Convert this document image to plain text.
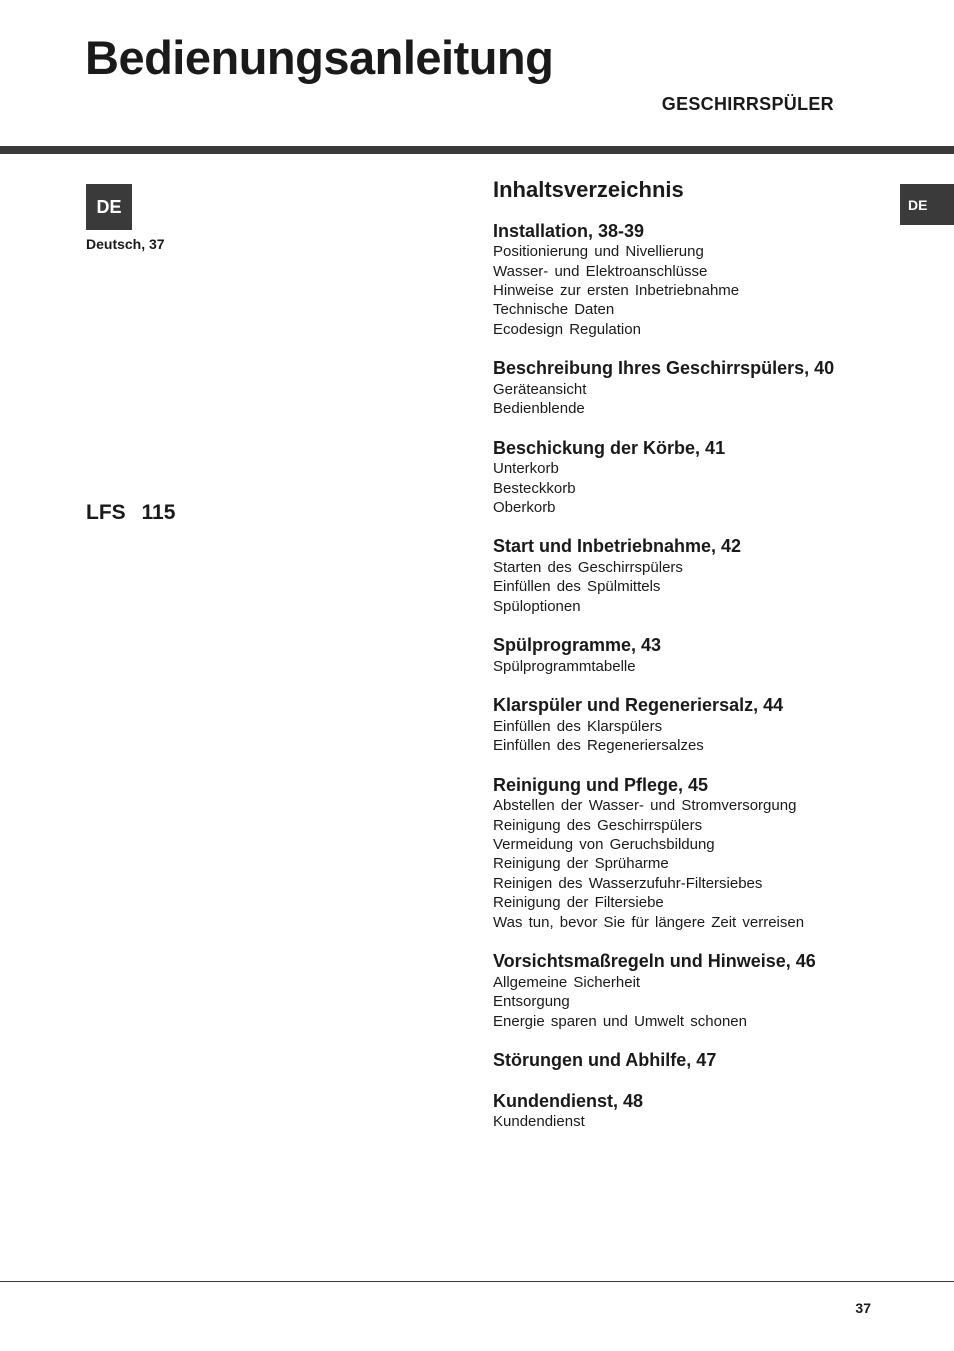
Bedienungsanleitung
GESCHIRRSPÜLER
DE
Deutsch, 37
LFS 115
DE
Inhaltsverzeichnis
Installation, 38-39
Positionierung und Nivellierung
Wasser- und Elektroanschlüsse
Hinweise zur ersten Inbetriebnahme
Technische Daten
Ecodesign Regulation
Beschreibung Ihres Geschirrspülers, 40
Geräteansicht
Bedienblende
Beschickung der Körbe, 41
Unterkorb
Besteckkorb
Oberkorb
Start und Inbetriebnahme, 42
Starten des Geschirrspülers
Einfüllen des Spülmittels
Spüloptionen
Spülprogramme, 43
Spülprogrammtabelle
Klarspüler und Regeneriersalz, 44
Einfüllen des Klarspülers
Einfüllen des Regeneriersalzes
Reinigung und Pflege, 45
Abstellen der Wasser- und Stromversorgung
Reinigung des Geschirrspülers
Vermeidung von Geruchsbildung
Reinigung der Sprüharme
Reinigen des Wasserzufuhr-Filtersiebes
Reinigung der Filtersiebe
Was tun, bevor Sie für längere Zeit verreisen
Vorsichtsmaßregeln und Hinweise, 46
Allgemeine Sicherheit
Entsorgung
Energie sparen und Umwelt schonen
Störungen und Abhilfe, 47
Kundendienst, 48
Kundendienst
37
